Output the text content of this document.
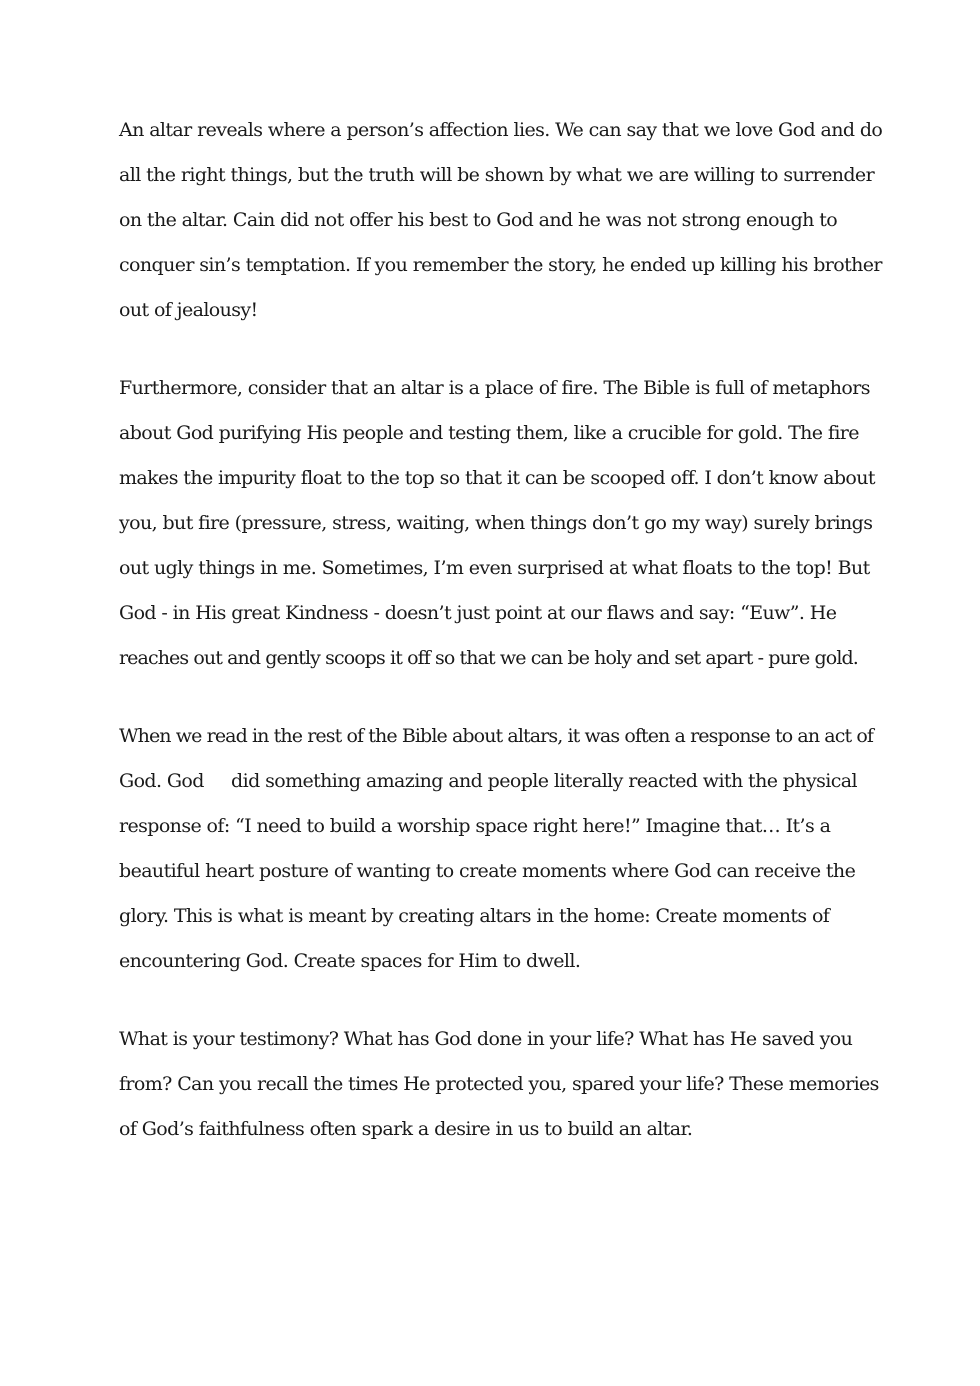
An altar reveals where a person’s affection lies. We can say that we love God and do
all the right things, but the truth will be shown by what we are willing to surrender
on the altar. Cain did not offer his best to God and he was not strong enough to
conquer sin’s temptation. If you remember the story, he ended up killing his brother
out of jealousy!

Furthermore, consider that an altar is a place of fire. The Bible is full of metaphors
about God purifying His people and testing them, like a crucible for gold. The fire
makes the impurity float to the top so that it can be scooped off. I don’t know about
you, but fire (pressure, stress, waiting, when things don’t go my way) surely brings
out ugly things in me. Sometimes, I’m even surprised at what floats to the top! But
God - in His great Kindness - doesn’t just point at our flaws and say: “Euw”. He
reaches out and gently scoops it off so that we can be holy and set apart - pure gold.

When we read in the rest of the Bible about altars, it was often a response to an act of
God. God     did something amazing and people literally reacted with the physical
response of: “I need to build a worship space right here!” Imagine that… It’s a
beautiful heart posture of wanting to create moments where God can receive the
glory. This is what is meant by creating altars in the home: Create moments of
encountering God. Create spaces for Him to dwell.

What is your testimony? What has God done in your life? What has He saved you
from? Can you recall the times He protected you, spared your life? These memories
of God’s faithfulness often spark a desire in us to build an altar.
